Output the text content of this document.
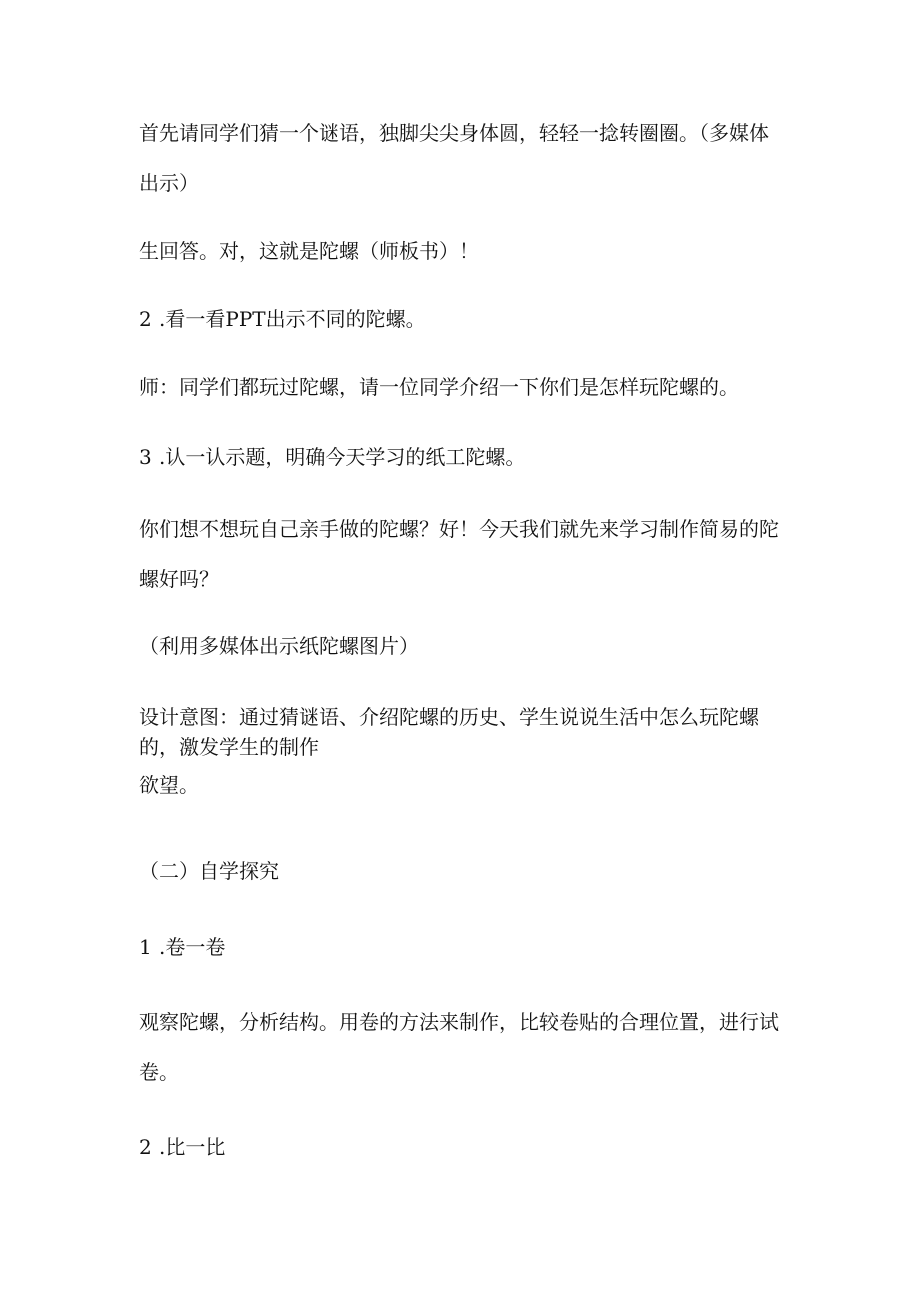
首先请同学们猜一个谜语，独脚尖尖身体圆，轻轻一捻转圈圈。（多媒体
出示）

生回答。对，这就是陀螺（师板书）！

2 .看一看PPT出示不同的陀螺。

师：同学们都玩过陀螺，请一位同学介绍一下你们是怎样玩陀螺的。

3 .认一认示题，明确今天学习的纸工陀螺。

你们想不想玩自己亲手做的陀螺？好！今天我们就先来学习制作简易的陀
螺好吗？

（利用多媒体出示纸陀螺图片）

设计意图：通过猜谜语、介绍陀螺的历史、学生说说生活中怎么玩陀螺
的，激发学生的制作
欲望。

（二）自学探究

1 .卷一卷

观察陀螺，分析结构。用卷的方法来制作，比较卷贴的合理位置，进行试
卷。

2 .比一比
